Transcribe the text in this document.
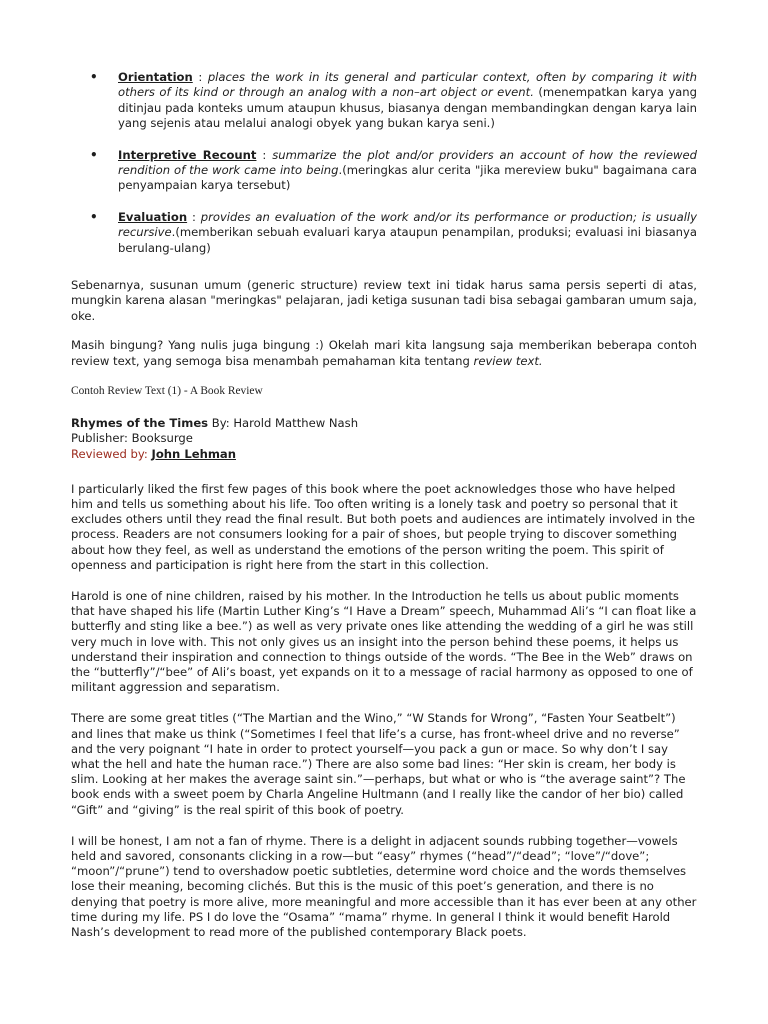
• Orientation : places the work in its general and particular context, often by comparing it with others of its kind or through an analog with a non–art object or event. (menempatkan karya yang ditinjau pada konteks umum ataupun khusus, biasanya dengan membandingkan dengan karya lain yang sejenis atau melalui analogi obyek yang bukan karya seni.)
• Interpretive Recount : summarize the plot and/or providers an account of how the reviewed rendition of the work came into being.(meringkas alur cerita "jika mereview buku" bagaimana cara penyampaian karya tersebut)
• Evaluation : provides an evaluation of the work and/or its performance or production; is usually recursive.(memberikan sebuah evaluari karya ataupun penampilan, produksi; evaluasi ini biasanya berulang-ulang)

Sebenarnya, susunan umum (generic structure) review text ini tidak harus sama persis seperti di atas, mungkin karena alasan "meringkas" pelajaran, jadi ketiga susunan tadi bisa sebagai gambaran umum saja, oke.

Masih bingung? Yang nulis juga bingung :) Okelah mari kita langsung saja memberikan beberapa contoh review text, yang semoga bisa menambah pemahaman kita tentang review text.

Contoh Review Text (1) - A Book Review

Rhymes of the Times By: Harold Matthew Nash
Publisher: Booksurge
Reviewed by: John Lehman

I particularly liked the first few pages of this book where the poet acknowledges those who have helped him and tells us something about his life. Too often writing is a lonely task and poetry so personal that it excludes others until they read the final result. But both poets and audiences are intimately involved in the process. Readers are not consumers looking for a pair of shoes, but people trying to discover something about how they feel, as well as understand the emotions of the person writing the poem. This spirit of openness and participation is right here from the start in this collection.

Harold is one of nine children, raised by his mother. In the Introduction he tells us about public moments that have shaped his life (Martin Luther King’s “I Have a Dream” speech, Muhammad Ali’s “I can float like a butterfly and sting like a bee.”) as well as very private ones like attending the wedding of a girl he was still very much in love with. This not only gives us an insight into the person behind these poems, it helps us understand their inspiration and connection to things outside of the words. “The Bee in the Web” draws on the “butterfly”/“bee” of Ali’s boast, yet expands on it to a message of racial harmony as opposed to one of militant aggression and separatism.

There are some great titles (“The Martian and the Wino,” “W Stands for Wrong”, “Fasten Your Seatbelt”) and lines that make us think (“Sometimes I feel that life’s a curse, has front-wheel drive and no reverse” and the very poignant “I hate in order to protect yourself—you pack a gun or mace. So why don’t I say what the hell and hate the human race.”) There are also some bad lines: “Her skin is cream, her body is slim. Looking at her makes the average saint sin.”—perhaps, but what or who is “the average saint”? The book ends with a sweet poem by Charla Angeline Hultmann (and I really like the candor of her bio) called “Gift” and “giving” is the real spirit of this book of poetry.

I will be honest, I am not a fan of rhyme. There is a delight in adjacent sounds rubbing together—vowels held and savored, consonants clicking in a row—but “easy” rhymes (“head”/“dead”; “love”/“dove”; “moon”/“prune”) tend to overshadow poetic subtleties, determine word choice and the words themselves lose their meaning, becoming clichés. But this is the music of this poet’s generation, and there is no denying that poetry is more alive, more meaningful and more accessible than it has ever been at any other time during my life. PS I do love the “Osama” “mama” rhyme. In general I think it would benefit Harold Nash’s development to read more of the published contemporary Black poets.
